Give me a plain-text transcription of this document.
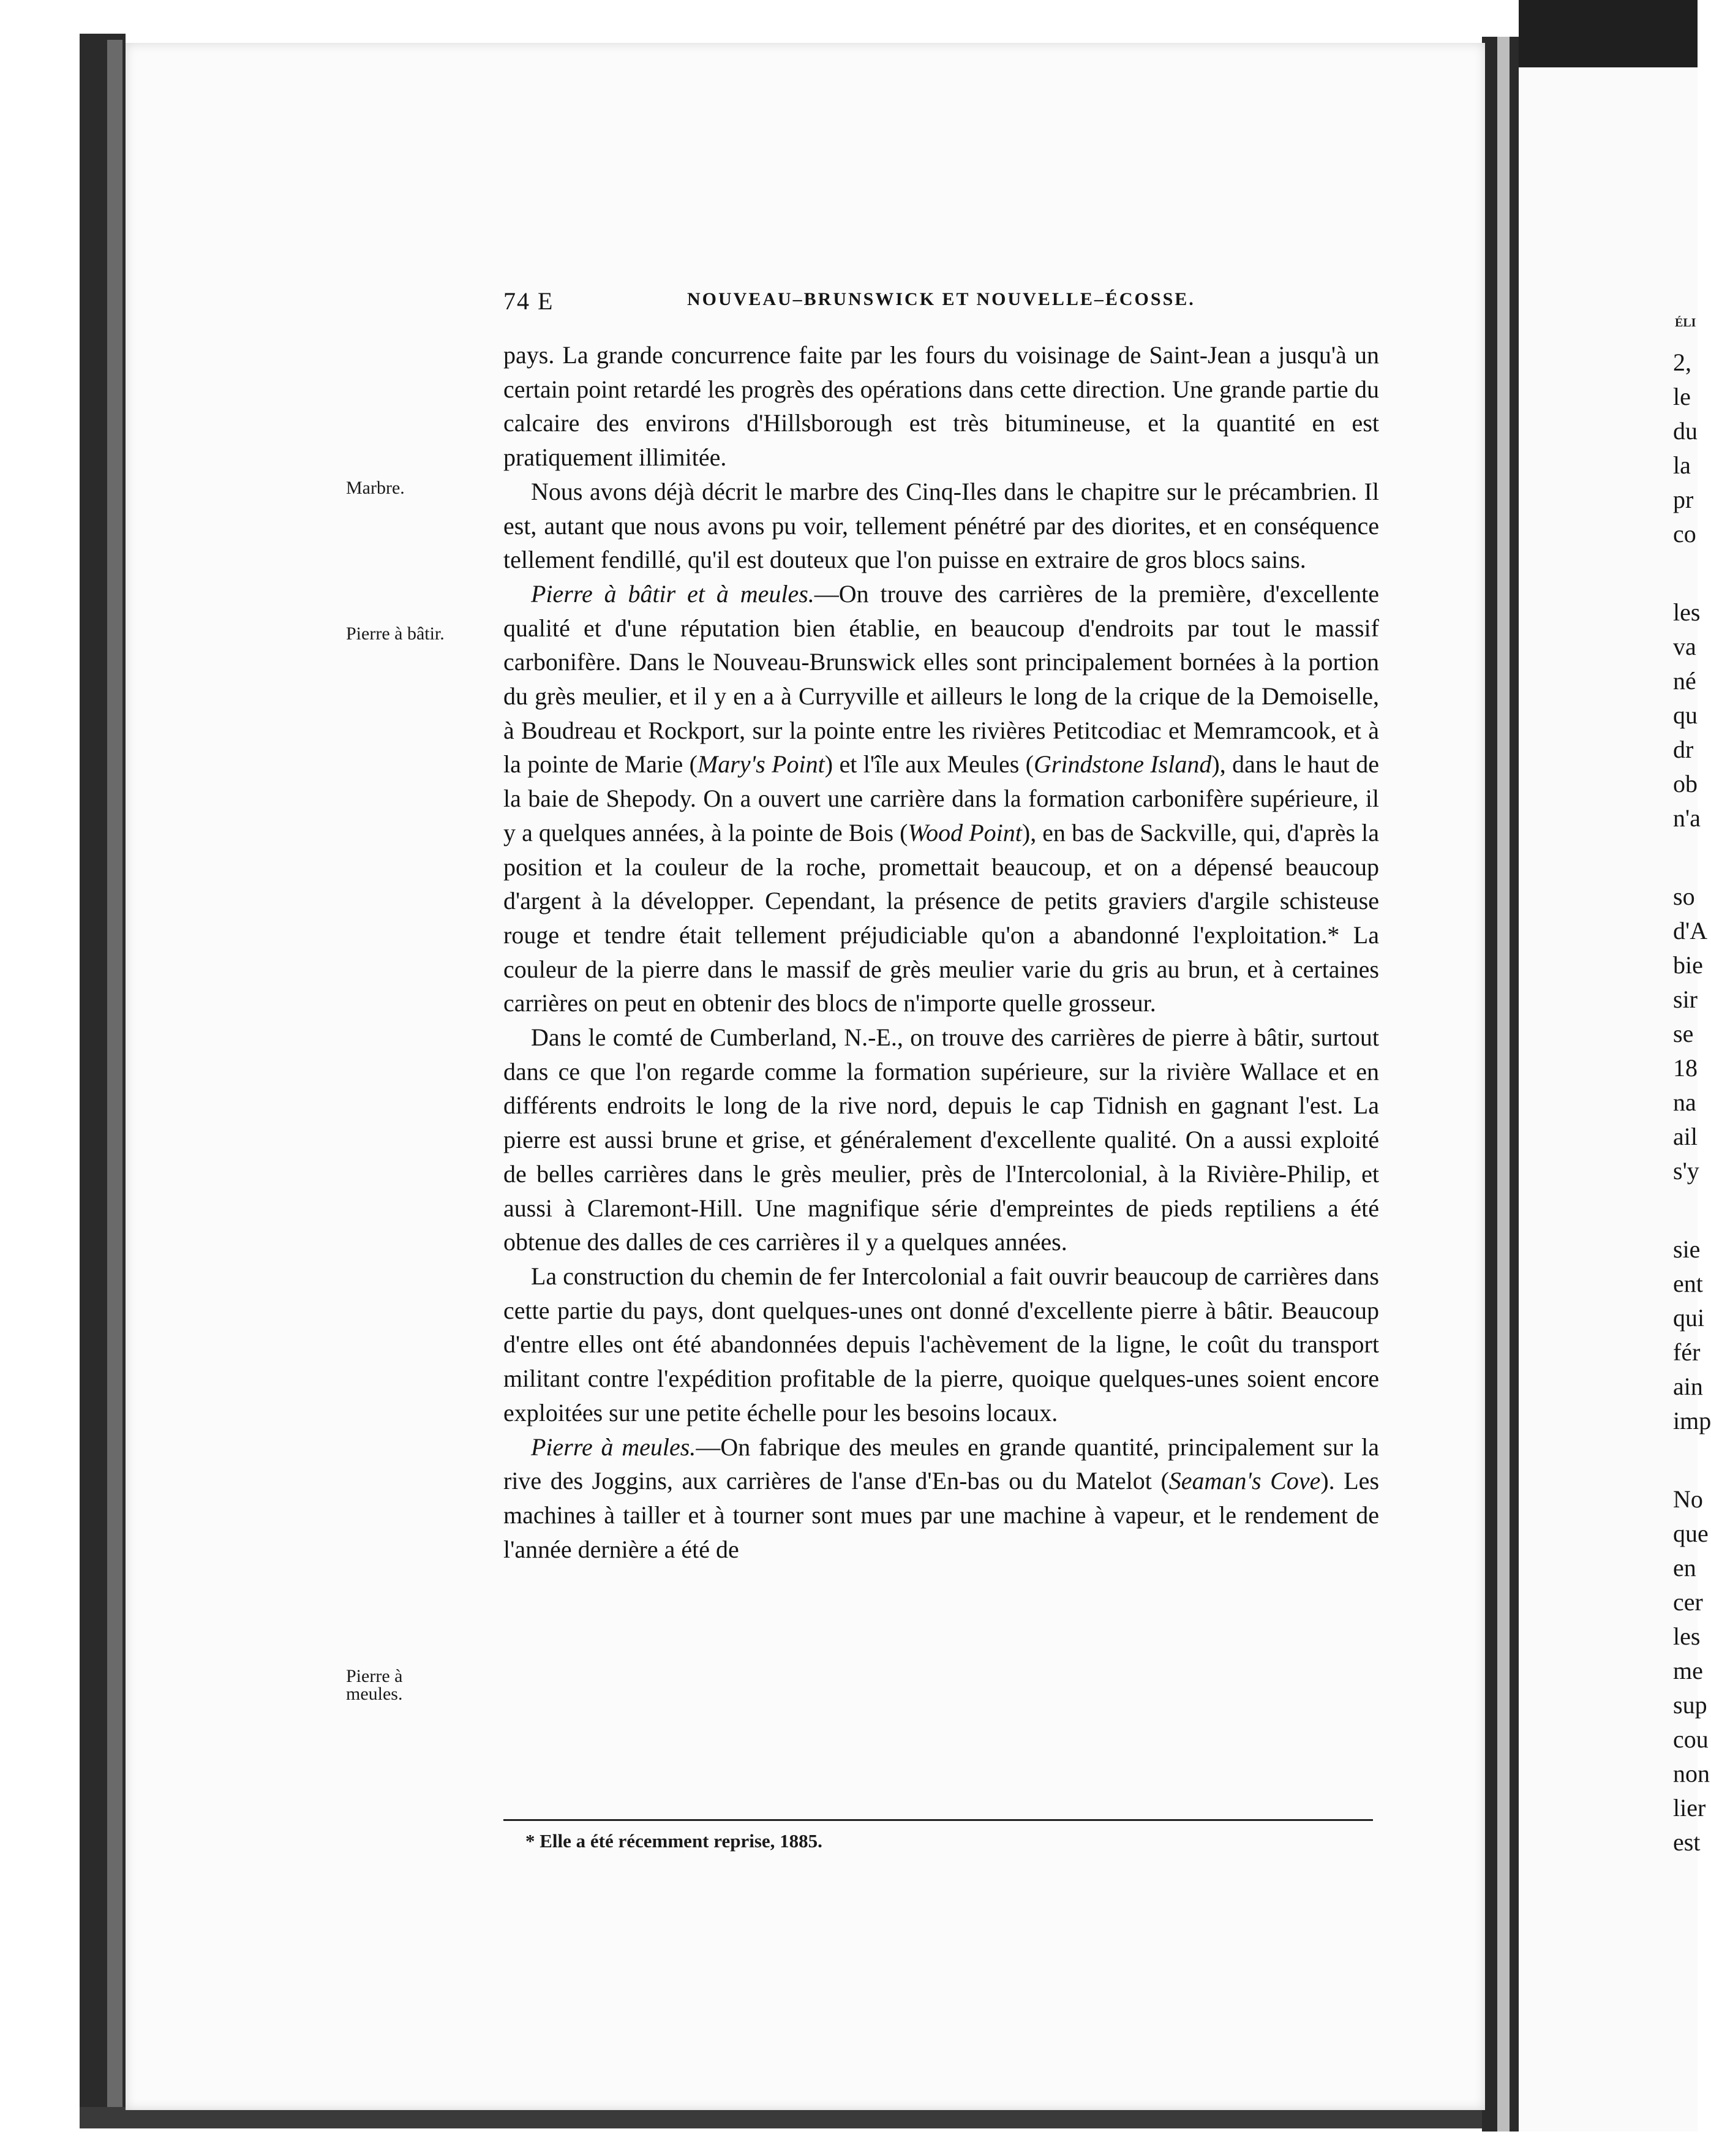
74 E	NOUVEAU–BRUNSWICK ET NOUVELLE–ÉCOSSE.
Marbre.
Pierre à bâtir.
Pierre à meules.

pays. La grande concurrence faite par les fours du voisinage de Saint-Jean a jusqu'à un certain point retardé les progrès des opérations dans cette direction. Une grande partie du calcaire des environs d'Hillsborough est très bitumineuse, et la quantité en est pratiquement illimitée.

Nous avons déjà décrit le marbre des Cinq-Iles dans le chapitre sur le précambrien. Il est, autant que nous avons pu voir, tellement pénétré par des diorites, et en conséquence tellement fendillé, qu'il est douteux que l'on puisse en extraire de gros blocs sains.

Pierre à bâtir et à meules.—On trouve des carrières de la première, d'excellente qualité et d'une réputation bien établie, en beaucoup d'endroits par tout le massif carbonifère. Dans le Nouveau-Brunswick elles sont principalement bornées à la portion du grès meulier, et il y en a à Curryville et ailleurs le long de la crique de la Demoiselle, à Boudreau et Rockport, sur la pointe entre les rivières Petitcodiac et Memramcook, et à la pointe de Marie (Mary's Point) et l'île aux Meules (Grindstone Island), dans le haut de la baie de Shepody. On a ouvert une carrière dans la formation carbonifère supérieure, il y a quelques années, à la pointe de Bois (Wood Point), en bas de Sackville, qui, d'après la position et la couleur de la roche, promettait beaucoup, et on a dépensé beaucoup d'argent à la développer. Cependant, la présence de petits graviers d'argile schisteuse rouge et tendre était tellement préjudiciable qu'on a abandonné l'exploitation.* La couleur de la pierre dans le massif de grès meulier varie du gris au brun, et à certaines carrières on peut en obtenir des blocs de n'importe quelle grosseur.

Dans le comté de Cumberland, N.-E., on trouve des carrières de pierre à bâtir, surtout dans ce que l'on regarde comme la formation supérieure, sur la rivière Wallace et en différents endroits le long de la rive nord, depuis le cap Tidnish en gagnant l'est. La pierre est aussi brune et grise, et généralement d'excellente qualité. On a aussi exploité de belles carrières dans le grès meulier, près de l'Intercolonial, à la Rivière-Philip, et aussi à Claremont-Hill. Une magnifique série d'empreintes de pieds reptiliens a été obtenue des dalles de ces carrières il y a quelques années.

La construction du chemin de fer Intercolonial a fait ouvrir beaucoup de carrières dans cette partie du pays, dont quelques-unes ont donné d'excellente pierre à bâtir. Beaucoup d'entre elles ont été abandonnées depuis l'achèvement de la ligne, le coût du transport militant contre l'expédition profitable de la pierre, quoique quelques-unes soient encore exploitées sur une petite échelle pour les besoins locaux.

Pierre à meules.—On fabrique des meules en grande quantité, principalement sur la rive des Joggins, aux carrières de l'anse d'En-bas ou du Matelot (Seaman's Cove). Les machines à tailler et à tourner sont mues par une machine à vapeur, et le rendement de l'année dernière a été de

* Elle a été récemment reprise, 1885.
ÉLI
2,
le
du
la
pr
co
les
va
né
qu
dr
ob
n'a
so
d'A
bie
sir
se
18
na
ail
s'y
sie
ent
qui
fér
ain
imp
No
que
en
cer
les
me
sup
cou
non
lier
est
